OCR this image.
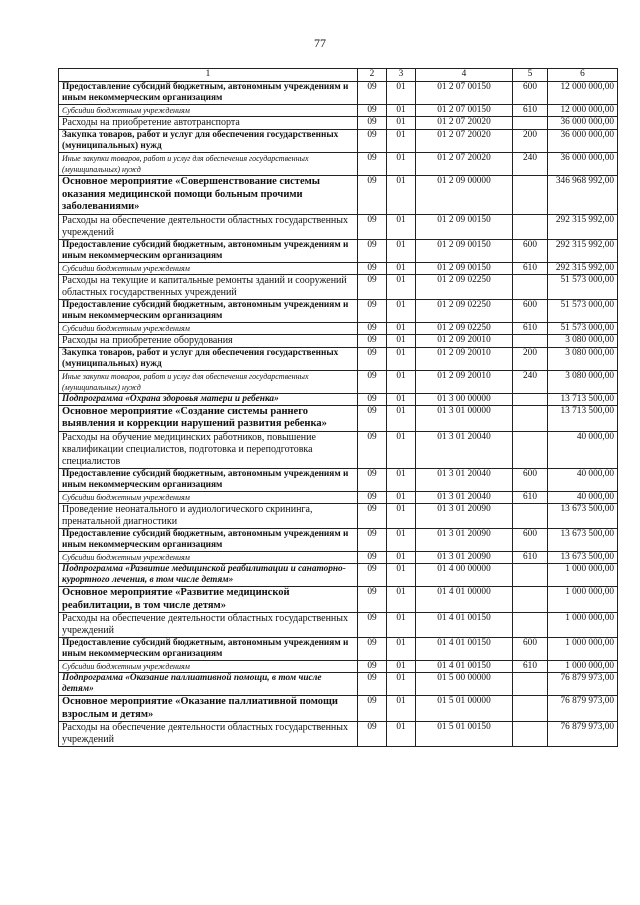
77
1	2	3	4	5	6
Предоставление субсидий бюджетным, автономным учреждениям и иным некоммерческим организациям	09	01	01 2 07 00150	600	12 000 000,00
Субсидии бюджетным учреждениям	09	01	01 2 07 00150	610	12 000 000,00
Расходы на приобретение автотранспорта	09	01	01 2 07 20020		36 000 000,00
Закупка товаров, работ и услуг для обеспечения государственных (муниципальных) нужд	09	01	01 2 07 20020	200	36 000 000,00
Иные закупки товаров, работ и услуг для обеспечения государственных (муниципальных) нужд	09	01	01 2 07 20020	240	36 000 000,00
Основное мероприятие «Совершенствование системы оказания медицинской помощи больным прочими заболеваниями»	09	01	01 2 09 00000		346 968 992,00
Расходы на обеспечение деятельности областных государственных учреждений	09	01	01 2 09 00150		292 315 992,00
Предоставление субсидий бюджетным, автономным учреждениям и иным некоммерческим организациям	09	01	01 2 09 00150	600	292 315 992,00
Субсидии бюджетным учреждениям	09	01	01 2 09 00150	610	292 315 992,00
Расходы на текущие и капитальные ремонты зданий и сооружений областных государственных учреждений	09	01	01 2 09 02250		51 573 000,00
Предоставление субсидий бюджетным, автономным учреждениям и иным некоммерческим организациям	09	01	01 2 09 02250	600	51 573 000,00
Субсидии бюджетным учреждениям	09	01	01 2 09 02250	610	51 573 000,00
Расходы на приобретение оборудования	09	01	01 2 09 20010		3 080 000,00
Закупка товаров, работ и услуг для обеспечения государственных (муниципальных) нужд	09	01	01 2 09 20010	200	3 080 000,00
Иные закупки товаров, работ и услуг для обеспечения государственных (муниципальных) нужд	09	01	01 2 09 20010	240	3 080 000,00
Подпрограмма «Охрана здоровья матери и ребенка»	09	01	01 3 00 00000		13 713 500,00
Основное мероприятие «Создание системы раннего выявления и коррекции нарушений развития ребенка»	09	01	01 3 01 00000		13 713 500,00
Расходы на обучение медицинских работников, повышение квалификации специалистов, подготовка и переподготовка специалистов	09	01	01 3 01 20040		40 000,00
Предоставление субсидий бюджетным, автономным учреждениям и иным некоммерческим организациям	09	01	01 3 01 20040	600	40 000,00
Субсидии бюджетным учреждениям	09	01	01 3 01 20040	610	40 000,00
Проведение неонатального и аудиологического скрининга, пренатальной диагностики	09	01	01 3 01 20090		13 673 500,00
Предоставление субсидий бюджетным, автономным учреждениям и иным некоммерческим организациям	09	01	01 3 01 20090	600	13 673 500,00
Субсидии бюджетным учреждениям	09	01	01 3 01 20090	610	13 673 500,00
Подпрограмма «Развитие медицинской реабилитации и санаторно-курортного лечения, в том числе детям»	09	01	01 4 00 00000		1 000 000,00
Основное мероприятие «Развитие медицинской реабилитации, в том числе детям»	09	01	01 4 01 00000		1 000 000,00
Расходы на обеспечение деятельности областных государственных учреждений	09	01	01 4 01 00150		1 000 000,00
Предоставление субсидий бюджетным, автономным учреждениям и иным некоммерческим организациям	09	01	01 4 01 00150	600	1 000 000,00
Субсидии бюджетным учреждениям	09	01	01 4 01 00150	610	1 000 000,00
Подпрограмма «Оказание паллиативной помощи, в том числе детям»	09	01	01 5 00 00000		76 879 973,00
Основное мероприятие «Оказание паллиативной помощи взрослым и детям»	09	01	01 5 01 00000		76 879 973,00
Расходы на обеспечение деятельности областных государственных учреждений	09	01	01 5 01 00150		76 879 973,00
